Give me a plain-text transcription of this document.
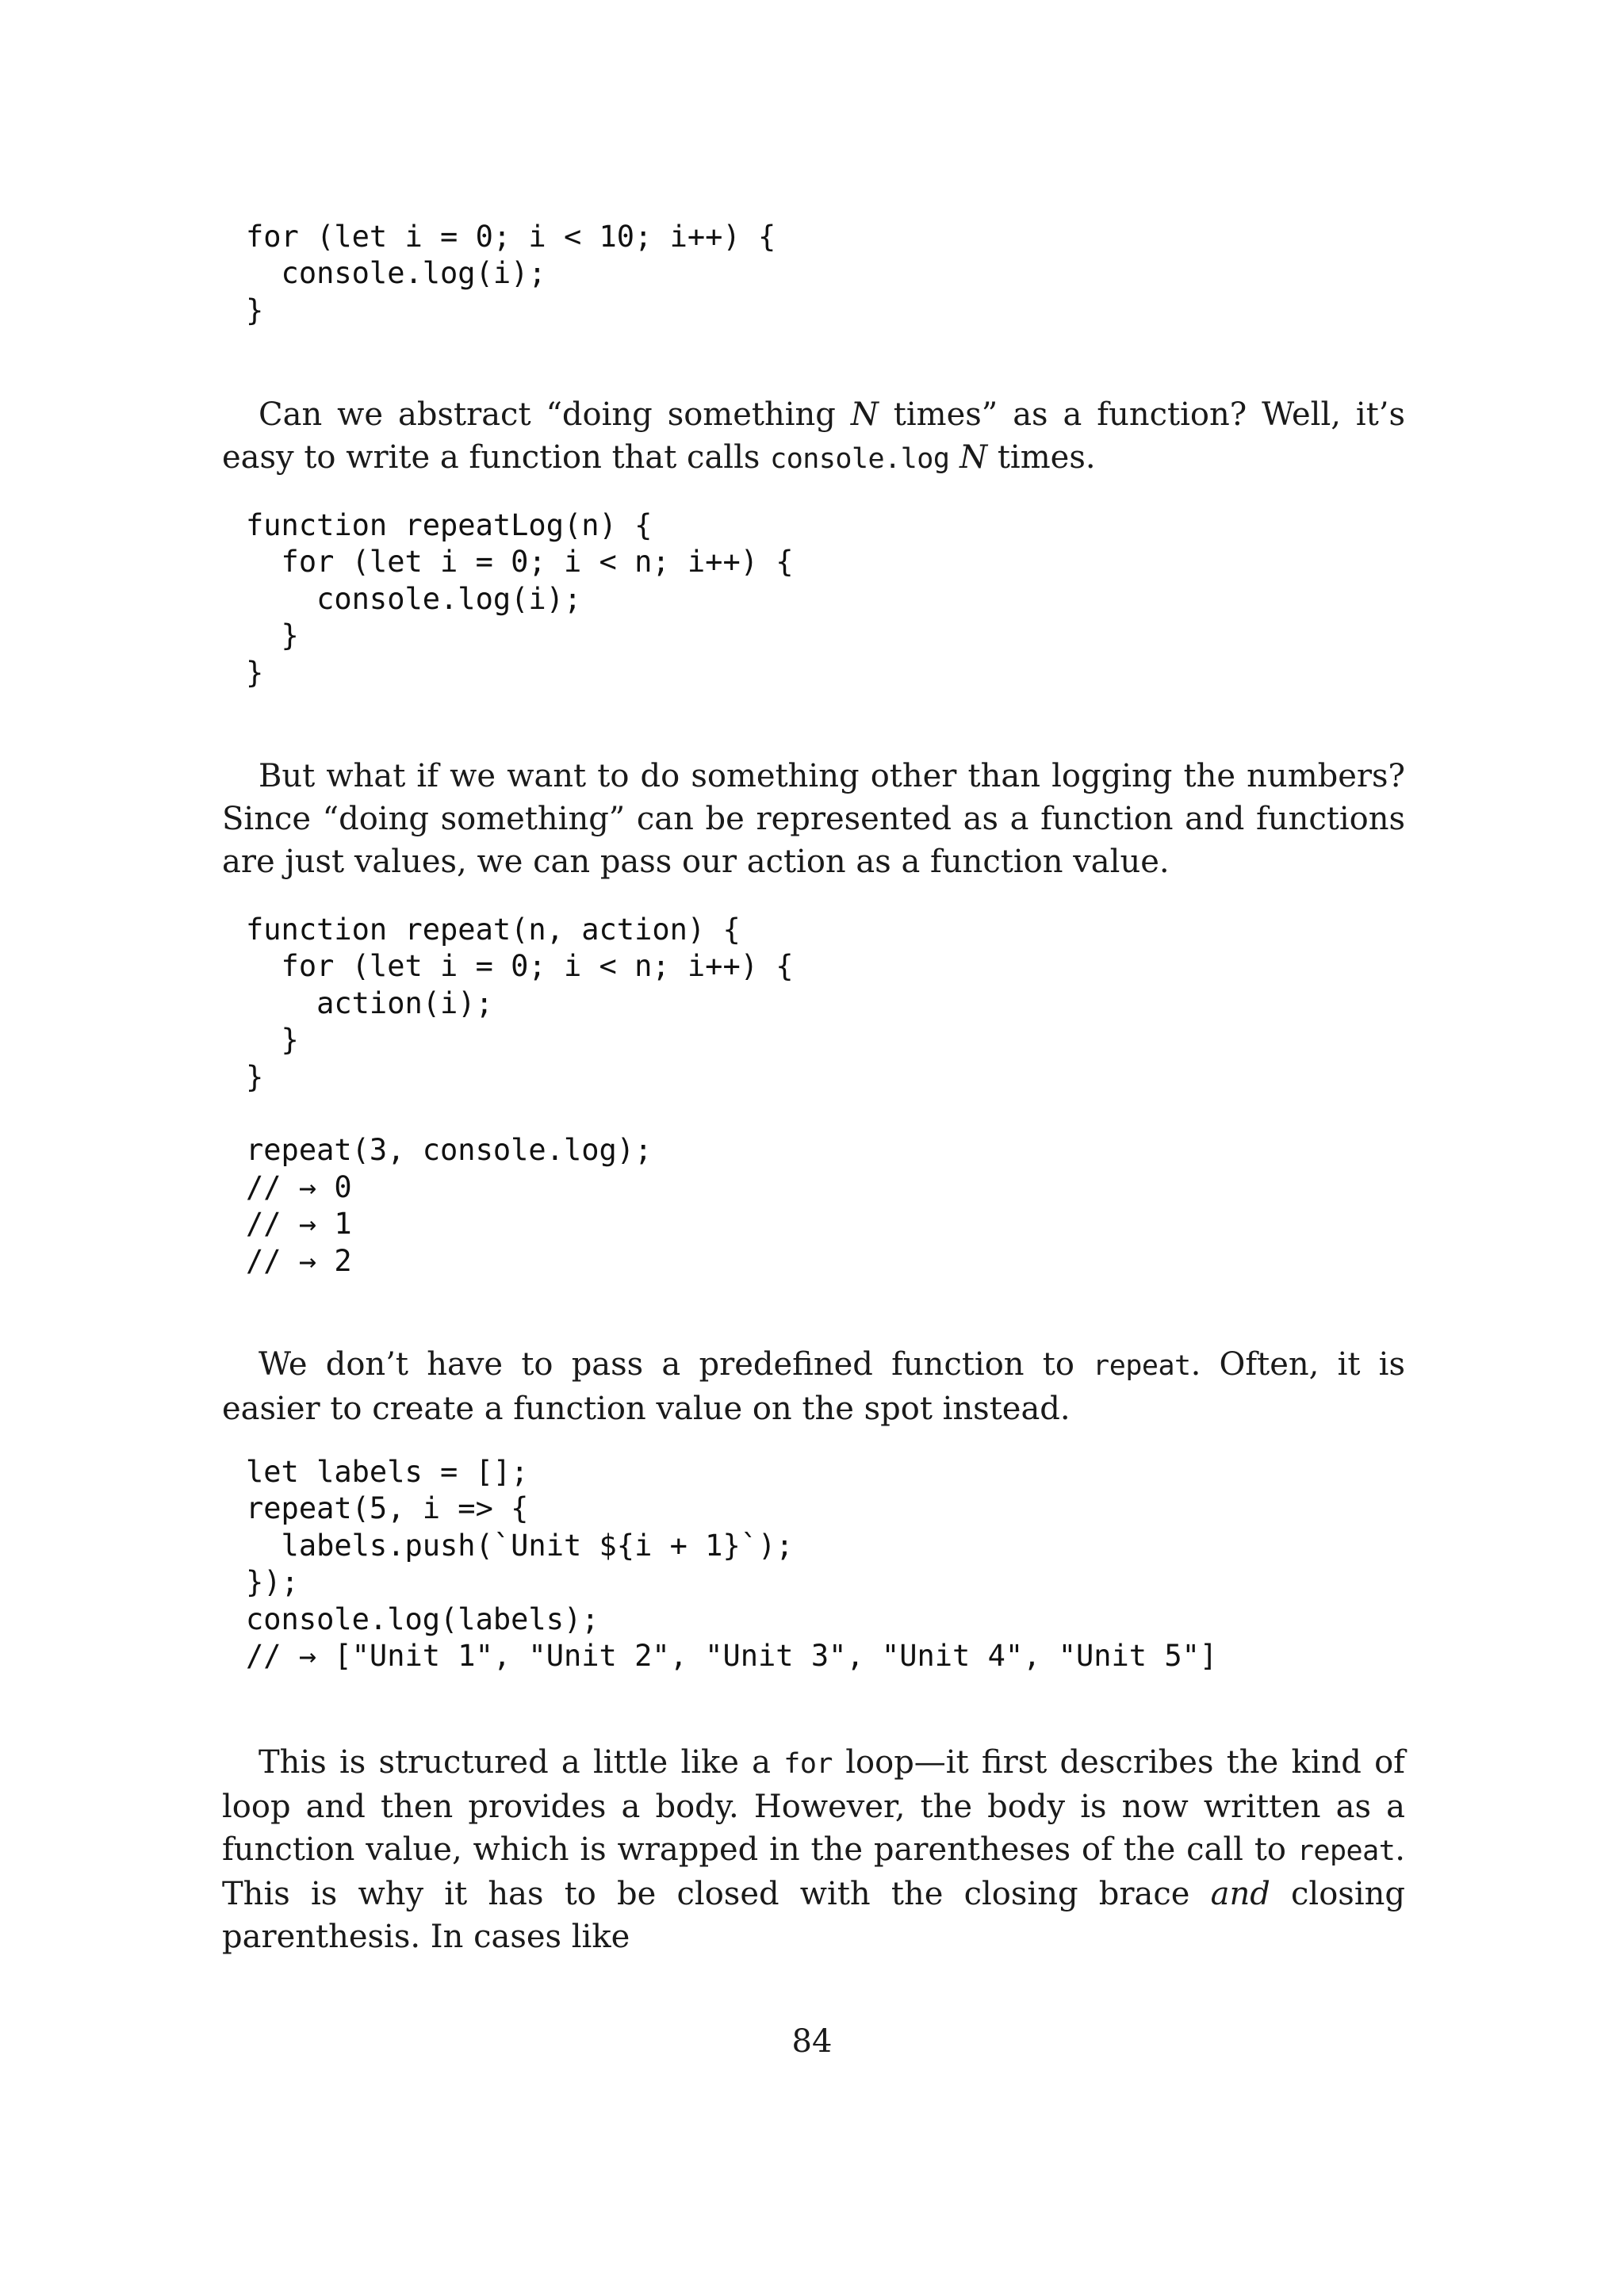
for (let i = 0; i < 10; i++) {
console.log(i);
}

Can we abstract “doing something N times” as a function? Well, it’s easy to write a function that calls console.log N times.

function repeatLog(n) {
for (let i = 0; i < n; i++) {
console.log(i);
}
}

But what if we want to do something other than logging the numbers? Since “doing something” can be represented as a function and functions are just values, we can pass our action as a function value.

function repeat(n, action) {
for (let i = 0; i < n; i++) {
action(i);
}
}

repeat(3, console.log);
// → 0
// → 1
// → 2

We don’t have to pass a predefined function to repeat. Often, it is easier to create a function value on the spot instead.

let labels = [];
repeat(5, i => {
labels.push(`Unit ${i + 1}`);
});
console.log(labels);
// → ["Unit 1", "Unit 2", "Unit 3", "Unit 4", "Unit 5"]

This is structured a little like a for loop—it first describes the kind of loop and then provides a body. However, the body is now written as a function value, which is wrapped in the parentheses of the call to repeat. This is why it has to be closed with the closing brace and closing parenthesis. In cases like

84
